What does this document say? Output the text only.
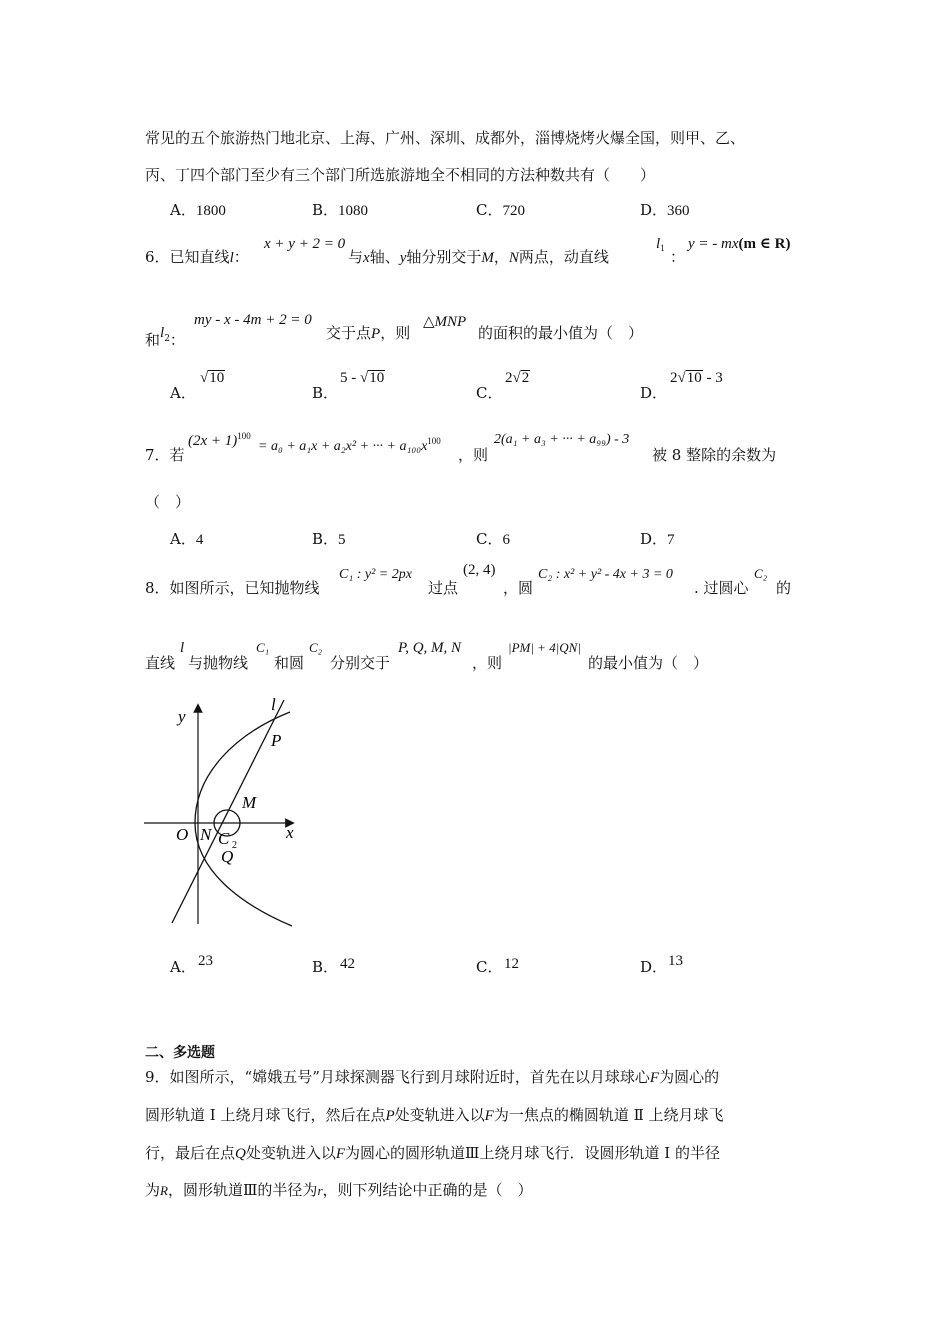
常见的五个旅游热门地北京、上海、广州、深圳、成都外，淄博烧烤火爆全国，则甲、乙、
丙、丁四个部门至少有三个部门所选旅游地全不相同的方法种数共有（　　）
A．1800	B．1080	C．720	D．360
6．已知直线l：
x + y + 2 = 0
与x轴、y轴分别交于M，N两点，动直线
$l_1$ ：
y = - mx(m ∈ R)
和$l^2$：
my - x - 4m + 2 = 0
交于点P，则
△MNP
的面积的最小值为（　）
A．
√10
B．
5 - √10
C．
2√2
D．
2√10 - 3
7．若
$(2x + 1)^{100}$
= a₀ + a₁x + a₂x² + ··· + $a_{100}x^{100}$
，则
2(a₁ + a₃ + ··· + a₉₉) - 3
被 8 整除的余数为
（　）
A．4	B．5	C．6	D．7
8．如图所示，已知抛物线
C₁ : y² = 2px
过点
(2, 4)
，圆
C₂ : x² + y² - 4x + 3 = 0
. 过圆心
C₂
的
直线
l
与抛物线
C₁
和圆
C₂
分别交于
P, Q, M, N
，则
|PM| + 4|QN|
的最小值为（　）
y
l
P
M
O N C 2
x
Q
A． 23	B． 42	C． 12	D． 13
二、多选题
9．如图所示，“嫦娥五号”月球探测器飞行到月球附近时，首先在以月球球心F为圆心的
圆形轨道 Ⅰ 上绕月球飞行，然后在点P处变轨进入以F为一焦点的椭圆轨道 Ⅱ 上绕月球飞
行，最后在点Q处变轨进入以F为圆心的圆形轨道Ⅲ上绕月球飞行．设圆形轨道 Ⅰ 的半径
为R，圆形轨道Ⅲ的半径为r，则下列结论中正确的是（　）
